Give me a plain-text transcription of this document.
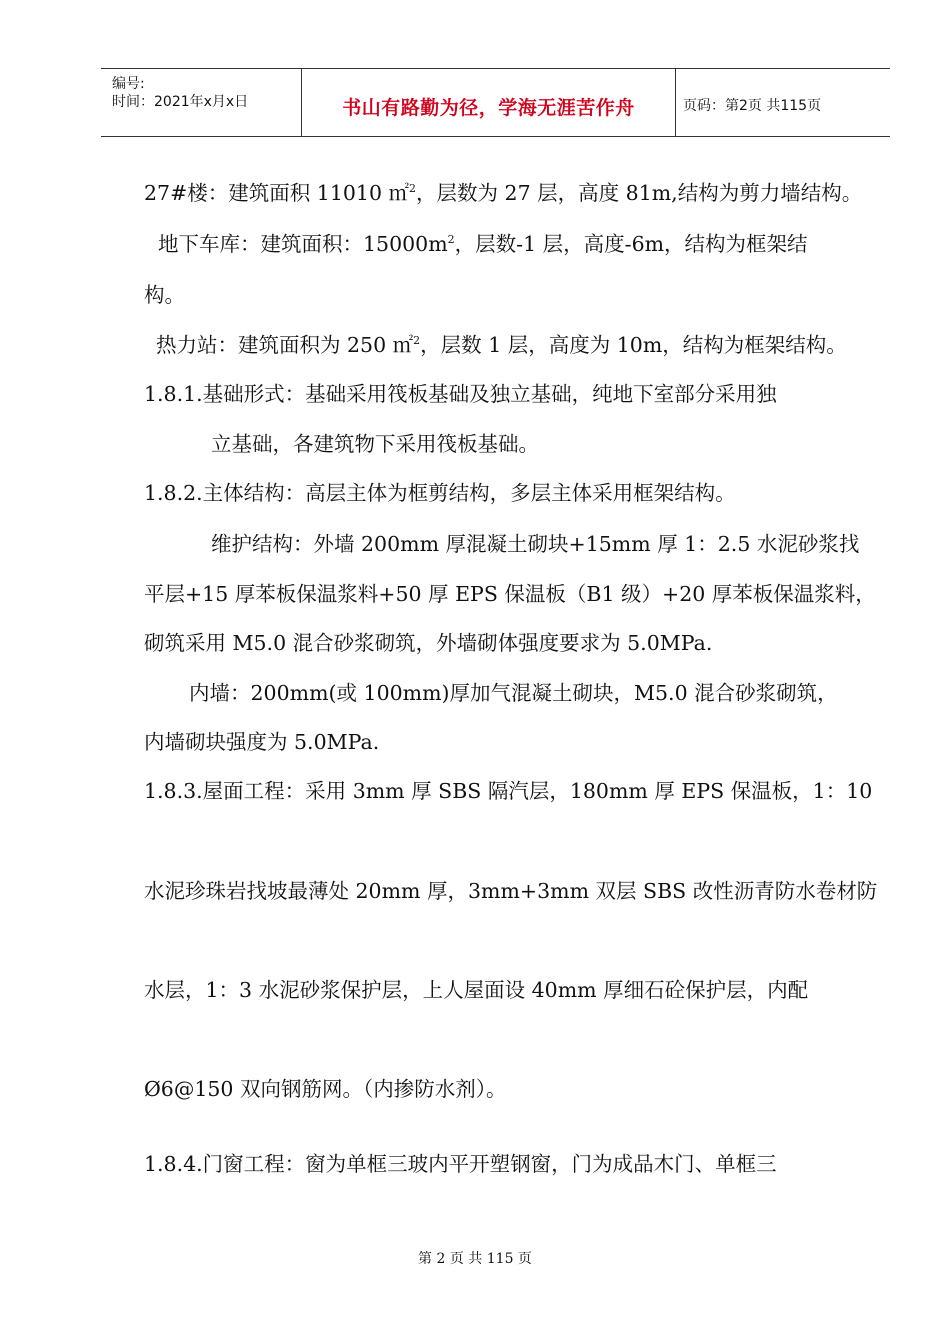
编号:
时间：2021年x月x日	书山有路勤为径，学海无涯苦作舟	页码：第2页 共115页
27#楼：建筑面积 11010 ㎡$^2$，层数为 27 层，高度 81m,结构为剪力墙结构。
地下车库：建筑面积：$15000m^2$，层数-1 层，高度-6m，结构为框架结
构。
热力站：建筑面积为 250 ㎡$^2$，层数 1 层，高度为 10m，结构为框架结构。
1.8.1.基础形式：基础采用筏板基础及独立基础，纯地下室部分采用独
立基础，各建筑物下采用筏板基础。
1.8.2.主体结构：高层主体为框剪结构，多层主体采用框架结构。
维护结构：外墙 200mm 厚混凝土砌块+15mm 厚 1：2.5 水泥砂浆找
平层+15 厚苯板保温浆料+50 厚 EPS 保温板（B1 级）+20 厚苯板保温浆料，
砌筑采用 M5.0 混合砂浆砌筑，外墙砌体强度要求为 5.0MPa.
内墙：200mm(或 100mm)厚加气混凝土砌块，M5.0 混合砂浆砌筑，
内墙砌块强度为 5.0MPa.
1.8.3.屋面工程：采用 3mm 厚 SBS 隔汽层，180mm 厚 EPS 保温板，1：10
水泥珍珠岩找坡最薄处 20mm 厚，3mm+3mm 双层 SBS 改性沥青防水卷材防
水层，1：3 水泥砂浆保护层，上人屋面设 40mm 厚细石砼保护层，内配
Ø6@150 双向钢筋网。（内掺防水剂）。
1.8.4.门窗工程：窗为单框三玻内平开塑钢窗，门为成品木门、单框三
第 2 页 共 115 页
